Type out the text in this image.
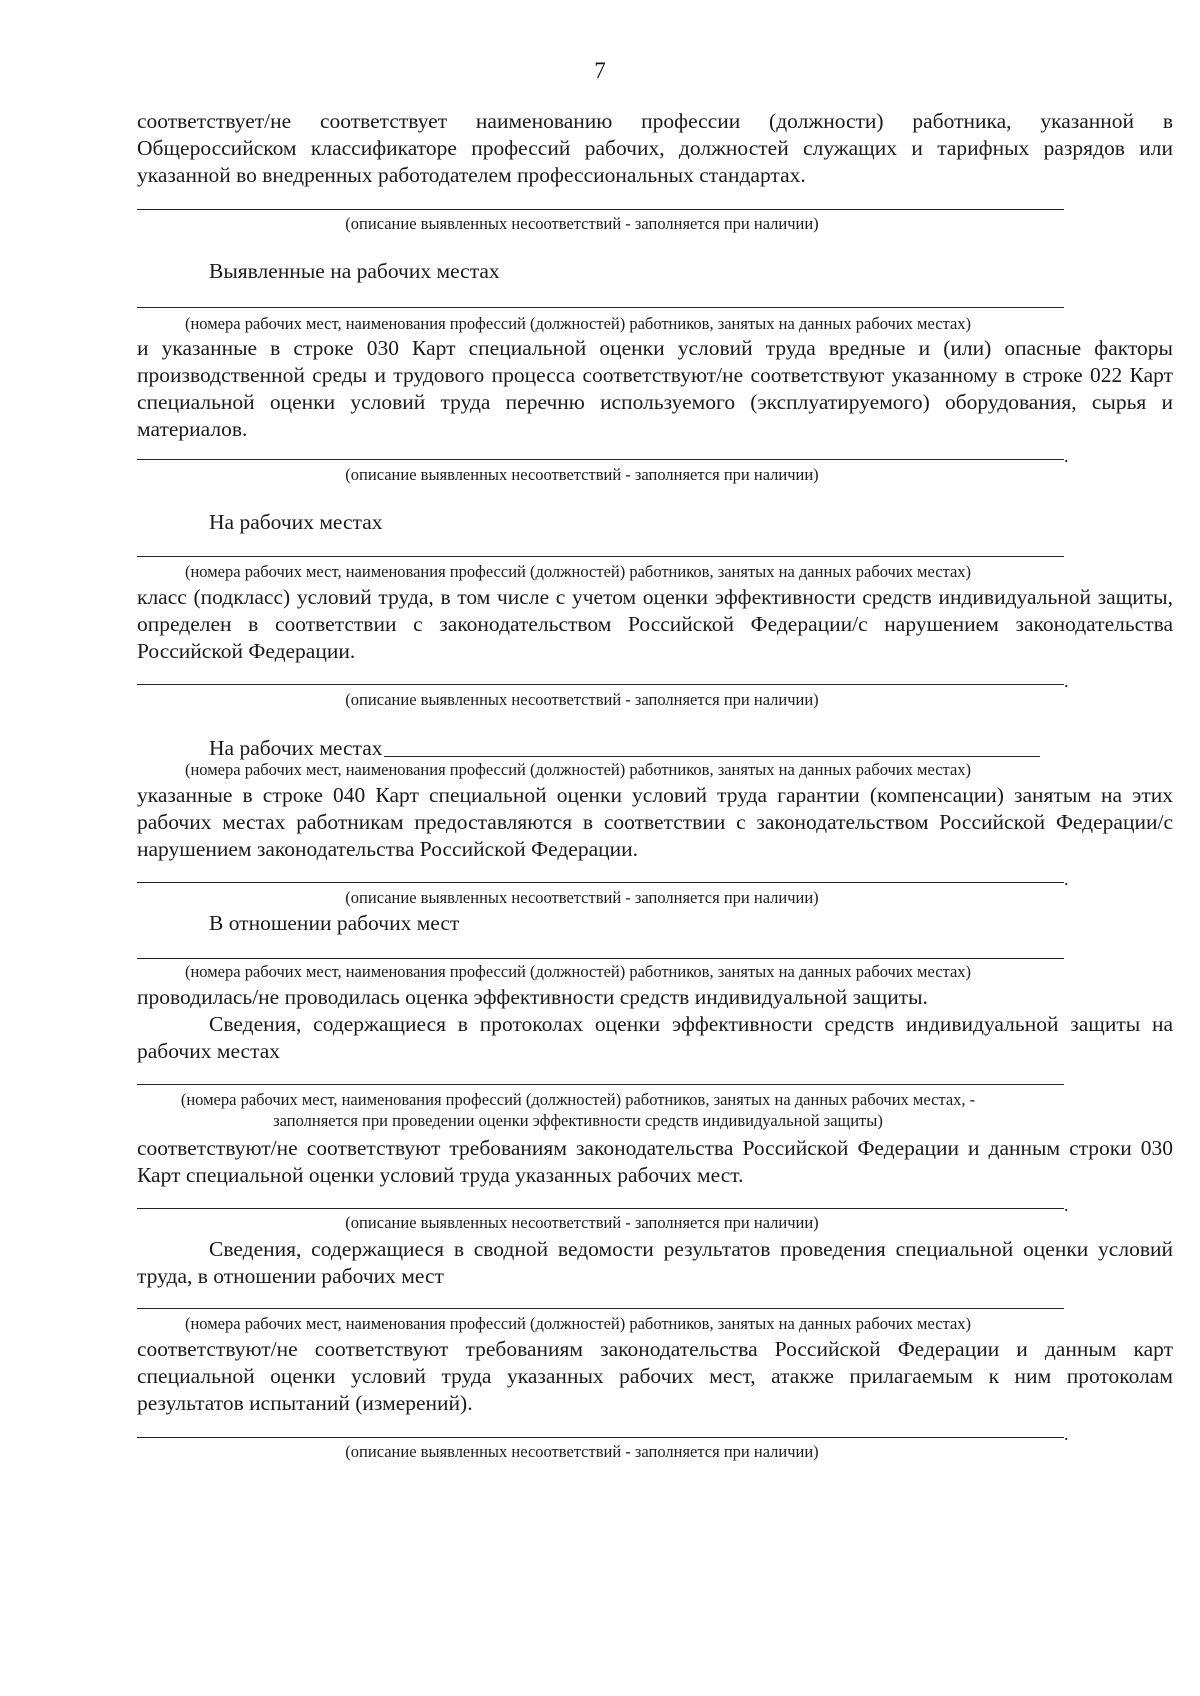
7

соответствует/не соответствует наименованию профессии (должности) работника, указанной в Общероссийском классификаторе профессий рабочих, должностей служащих и тарифных разрядов или указанной во внедренных работодателем профессиональных стандартах.

(описание выявленных несоответствий - заполняется при наличии)

Выявленные на рабочих местах

(номера рабочих мест, наименования профессий (должностей) работников, занятых на данных рабочих местах)

и указанные в строке 030 Карт специальной оценки условий труда вредные и (или) опасные факторы производственной среды и трудового процесса соответствуют/не соответствуют указанному в строке 022 Карт специальной оценки условий труда перечню используемого (эксплуатируемого) оборудования, сырья и материалов.

.

(описание выявленных несоответствий - заполняется при наличии)

На рабочих местах

(номера рабочих мест, наименования профессий (должностей) работников, занятых на данных рабочих местах)

класс (подкласс) условий труда, в том числе с учетом оценки эффективности средств индивидуальной защиты, определен в соответствии с законодательством Российской Федерации/с нарушением законодательства Российской Федерации.

.

(описание выявленных несоответствий - заполняется при наличии)

На рабочих местах

(номера рабочих мест, наименования профессий (должностей) работников, занятых на данных рабочих местах)

указанные в строке 040 Карт специальной оценки условий труда гарантии (компенсации) занятым на этих рабочих местах работникам предоставляются в соответствии с законодательством Российской Федерации/с нарушением законодательства Российской Федерации.

.

(описание выявленных несоответствий - заполняется при наличии)

В отношении рабочих мест

(номера рабочих мест, наименования профессий (должностей) работников, занятых на данных рабочих местах)

проводилась/не проводилась оценка эффективности средств индивидуальной защиты.

Сведения, содержащиеся в протоколах оценки эффективности средств индивидуальной защиты на рабочих местах

(номера рабочих мест, наименования профессий (должностей) работников, занятых на данных рабочих местах, -

заполняется при проведении оценки эффективности средств индивидуальной защиты)

соответствуют/не соответствуют требованиям законодательства Российской Федерации и данным строки 030 Карт специальной оценки условий труда указанных рабочих мест.

.

(описание выявленных несоответствий - заполняется при наличии)

Сведения, содержащиеся в сводной ведомости результатов проведения специальной оценки условий труда, в отношении рабочих мест

(номера рабочих мест, наименования профессий (должностей) работников, занятых на данных рабочих местах)

соответствуют/не соответствуют требованиям законодательства Российской Федерации и данным карт специальной оценки условий труда указанных рабочих мест, атакже прилагаемым к ним протоколам результатов испытаний (измерений).

.

(описание выявленных несоответствий - заполняется при наличии)
